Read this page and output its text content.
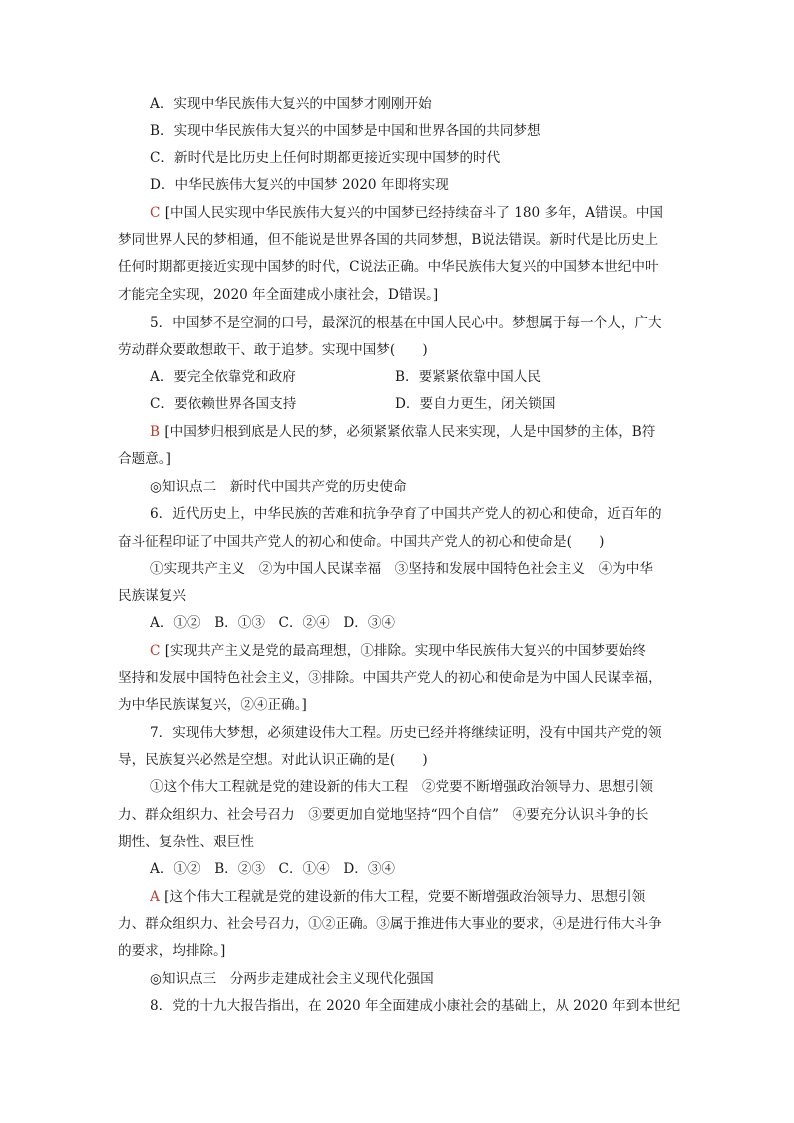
A．实现中华民族伟大复兴的中国梦才刚刚开始
B．实现中华民族伟大复兴的中国梦是中国和世界各国的共同梦想
C．新时代是比历史上任何时期都更接近实现中国梦的时代
D．中华民族伟大复兴的中国梦 2020 年即将实现
C [中国人民实现中华民族伟大复兴的中国梦已经持续奋斗了 180 多年，A错误。中国
梦同世界人民的梦相通，但不能说是世界各国的共同梦想，B说法错误。新时代是比历史上
任何时期都更接近实现中国梦的时代，C说法正确。中华民族伟大复兴的中国梦本世纪中叶
才能完全实现，2020 年全面建成小康社会，D错误。]
5．中国梦不是空洞的口号，最深沉的根基在中国人民心中。梦想属于每一个人，广大
劳动群众要敢想敢干、敢于追梦。实现中国梦(　　)
A．要完全依靠党和政府	B．要紧紧依靠中国人民
C．要依赖世界各国支持	D．要自力更生，闭关锁国
B [中国梦归根到底是人民的梦，必须紧紧依靠人民来实现，人是中国梦的主体，B符
合题意。]
◎知识点二　新时代中国共产党的历史使命
6．近代历史上，中华民族的苦难和抗争孕育了中国共产党人的初心和使命，近百年的
奋斗征程印证了中国共产党人的初心和使命。中国共产党人的初心和使命是(　　)
①实现共产主义　②为中国人民谋幸福　③坚持和发展中国特色社会主义　④为中华
民族谋复兴
A．①②　B．①③　C．②④　D．③④
C [实现共产主义是党的最高理想，①排除。实现中华民族伟大复兴的中国梦要始终
坚持和发展中国特色社会主义，③排除。中国共产党人的初心和使命是为中国人民谋幸福，
为中华民族谋复兴，②④正确。]
7．实现伟大梦想，必须建设伟大工程。历史已经并将继续证明，没有中国共产党的领
导，民族复兴必然是空想。对此认识正确的是(　　)
①这个伟大工程就是党的建设新的伟大工程　②党要不断增强政治领导力、思想引领
力、群众组织力、社会号召力　③要更加自觉地坚持“四个自信”　④要充分认识斗争的长
期性、复杂性、艰巨性
A．①②　B．②③　C．①④　D．③④
A [这个伟大工程就是党的建设新的伟大工程，党要不断增强政治领导力、思想引领
力、群众组织力、社会号召力，①②正确。③属于推进伟大事业的要求，④是进行伟大斗争
的要求，均排除。]
◎知识点三　分两步走建成社会主义现代化强国
8．党的十九大报告指出，在 2020 年全面建成小康社会的基础上，从 2020 年到本世纪
